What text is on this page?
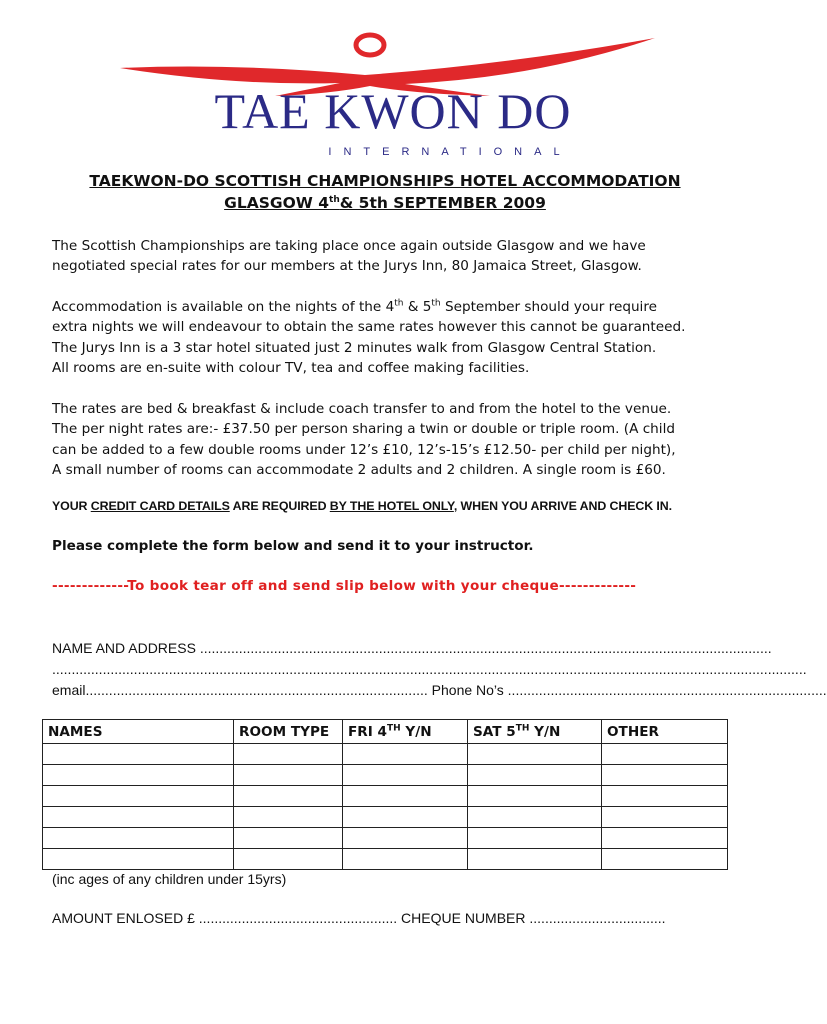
TAE KWON DO
INTERNATIONAL
TAEKWON-DO SCOTTISH CHAMPIONSHIPS HOTEL ACCOMMODATION
GLASGOW 4th& 5th SEPTEMBER 2009
The Scottish Championships are taking place once again outside Glasgow and we have
negotiated special rates for our members at the Jurys Inn, 80 Jamaica Street, Glasgow.
Accommodation is available on the nights of the 4th & 5th September should your require
extra nights we will endeavour to obtain the same rates however this cannot be guaranteed.
The Jurys Inn is a 3 star hotel situated just 2 minutes walk from Glasgow Central Station.
All rooms are en-suite with colour TV, tea and coffee making facilities.
The rates are bed & breakfast & include coach transfer to and from the hotel to the venue.
The per night rates are:- £37.50 per person sharing a twin or double or triple room. (A child
can be added to a few double rooms under 12’s £10, 12’s-15’s £12.50- per child per night),
A small number of rooms can accommodate 2 adults and 2 children. A single room is £60.
YOUR CREDIT CARD DETAILS ARE REQUIRED BY THE HOTEL ONLY, WHEN YOU ARRIVE AND CHECK IN.
Please complete the form below and send it to your instructor.
-------------To book tear off and send slip below with your cheque-------------
NAME AND ADDRESS ...................................................................................................................................................
..................................................................................................................................................................................................
email........................................................................................ Phone No’s ..................................................................................
NAMES	ROOM TYPE	FRI 4TH Y/N	SAT 5TH Y/N	OTHER

(inc ages of any children under 15yrs)
AMOUNT ENLOSED £ ................................................... CHEQUE NUMBER ...................................
